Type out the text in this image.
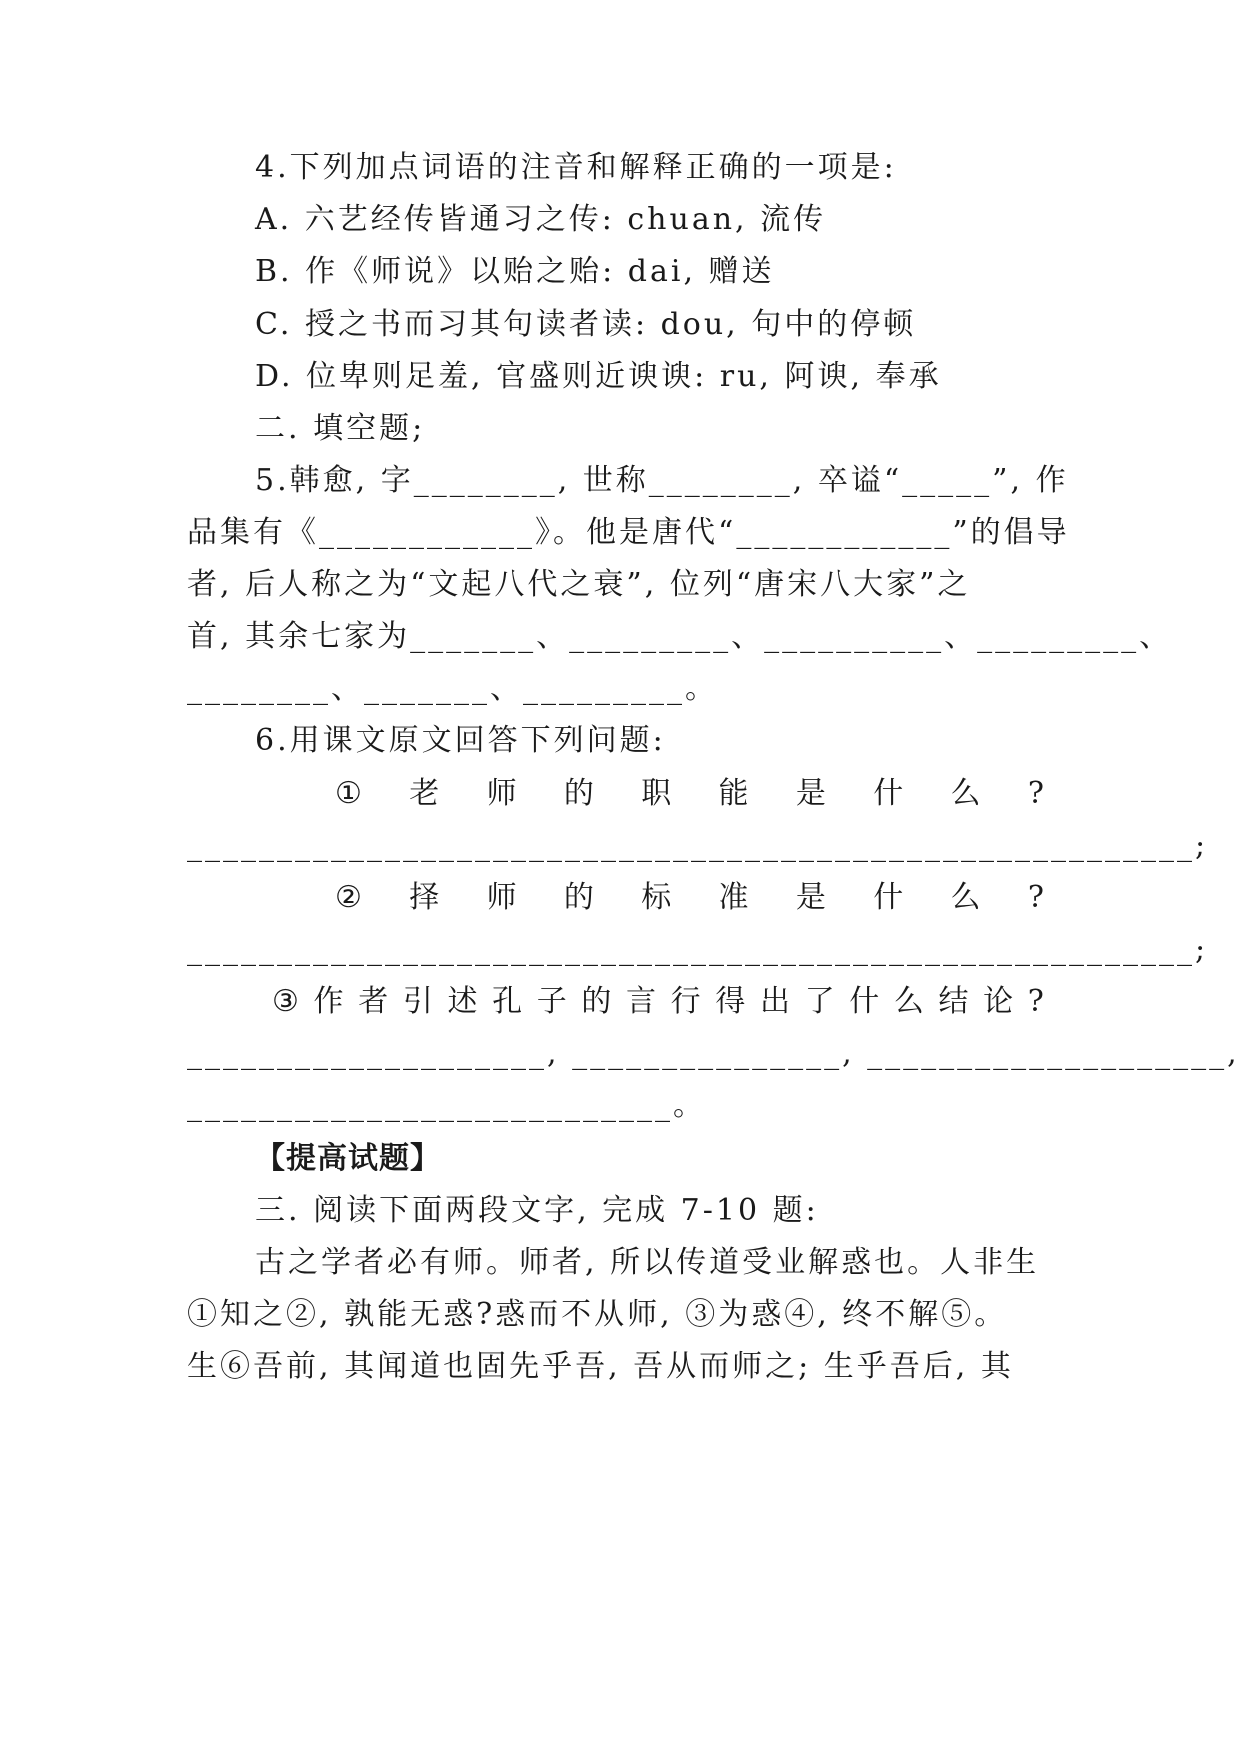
4.下列加点词语的注音和解释正确的一项是:
A. 六艺经传皆通习之传: chuan, 流传
B. 作《师说》以贻之贻: dai, 赠送
C. 授之书而习其句读者读: dou, 句中的停顿
D. 位卑则足羞, 官盛则近谀谀: ru, 阿谀, 奉承
二. 填空题;
5.韩愈, 字________, 世称________, 卒谥“_____”, 作
品集有《____________》。他是唐代“____________”的倡导
者, 后人称之为“文起八代之衰”, 位列“唐宋八大家”之
首, 其余七家为_______、_________、__________、_________、
________、_______、_________。
6.用课文原文回答下列问题:
① 老 师 的 职 能 是 什 么 ?
________________________________________________________;
② 择 师 的 标 准 是 什 么 ?
________________________________________________________;
③ 作 者 引 述 孔 子 的 言 行 得 出 了 什 么 结 论 ?
____________________, _______________, ____________________,
___________________________。
【提高试题】
三. 阅读下面两段文字, 完成 7-10 题:
古之学者必有师。师者, 所以传道受业解惑也。人非生
①知之②, 孰能无惑?惑而不从师, ③为惑④, 终不解⑤。
生⑥吾前, 其闻道也固先乎吾, 吾从而师之; 生乎吾后, 其
